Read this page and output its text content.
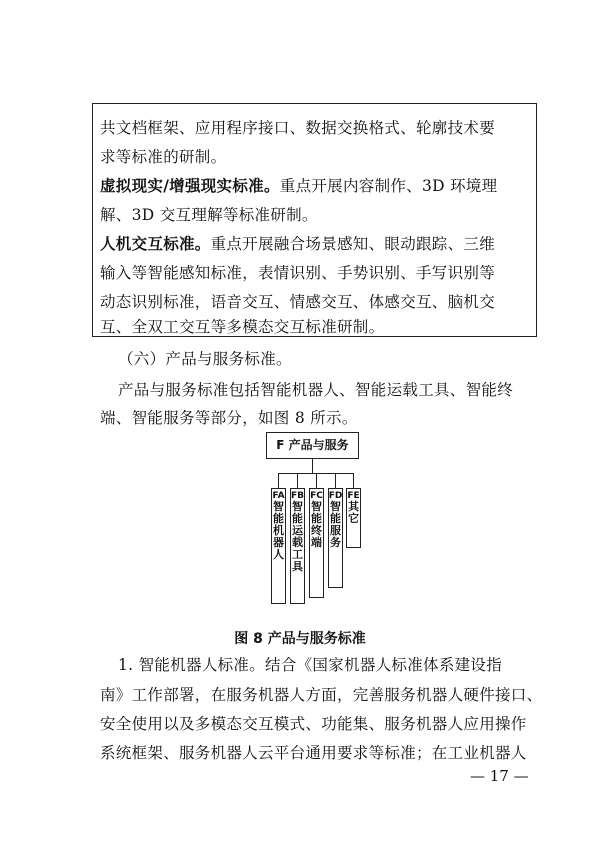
共文档框架、应用程序接口、数据交换格式、轮廓技术要
求等标准的研制。
虚拟现实/增强现实标准。重点开展内容制作、3D 环境理
解、3D 交互理解等标准研制。
人机交互标准。重点开展融合场景感知、眼动跟踪、三维
输入等智能感知标准，表情识别、手势识别、手写识别等
动态识别标准，语音交互、情感交互、体感交互、脑机交
互、全双工交互等多模态交互标准研制。
（六）产品与服务标准。
产品与服务标准包括智能机器人、智能运载工具、智能终
端、智能服务等部分，如图 8 所示。
F 产品与服务
FA
智
能
机
器
人
FB
智
能
运
载
工
具
FC
智
能
终
端
FD
智
能
服
务
FE
其
它
图 8 产品与服务标准
1. 智能机器人标准。结合《国家机器人标准体系建设指
南》工作部署，在服务机器人方面，完善服务机器人硬件接口、
安全使用以及多模态交互模式、功能集、服务机器人应用操作
系统框架、服务机器人云平台通用要求等标准；在工业机器人
— 17 —
